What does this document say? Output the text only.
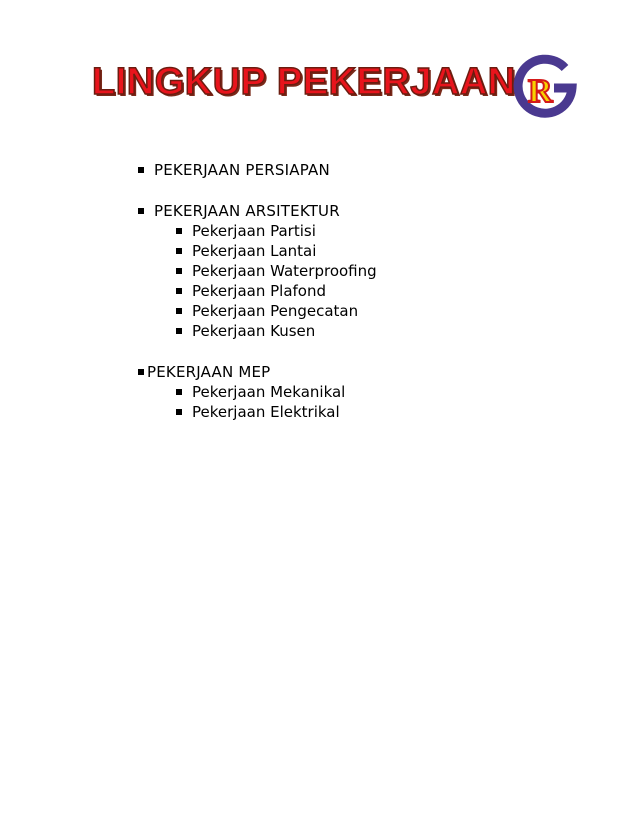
LINGKUP PEKERJAAN R
PEKERJAAN PERSIAPAN
PEKERJAAN ARSITEKTUR
Pekerjaan Partisi
Pekerjaan Lantai
Pekerjaan Waterproofing
Pekerjaan Plafond
Pekerjaan Pengecatan
Pekerjaan Kusen
PEKERJAAN MEP
Pekerjaan Mekanikal
Pekerjaan Elektrikal
